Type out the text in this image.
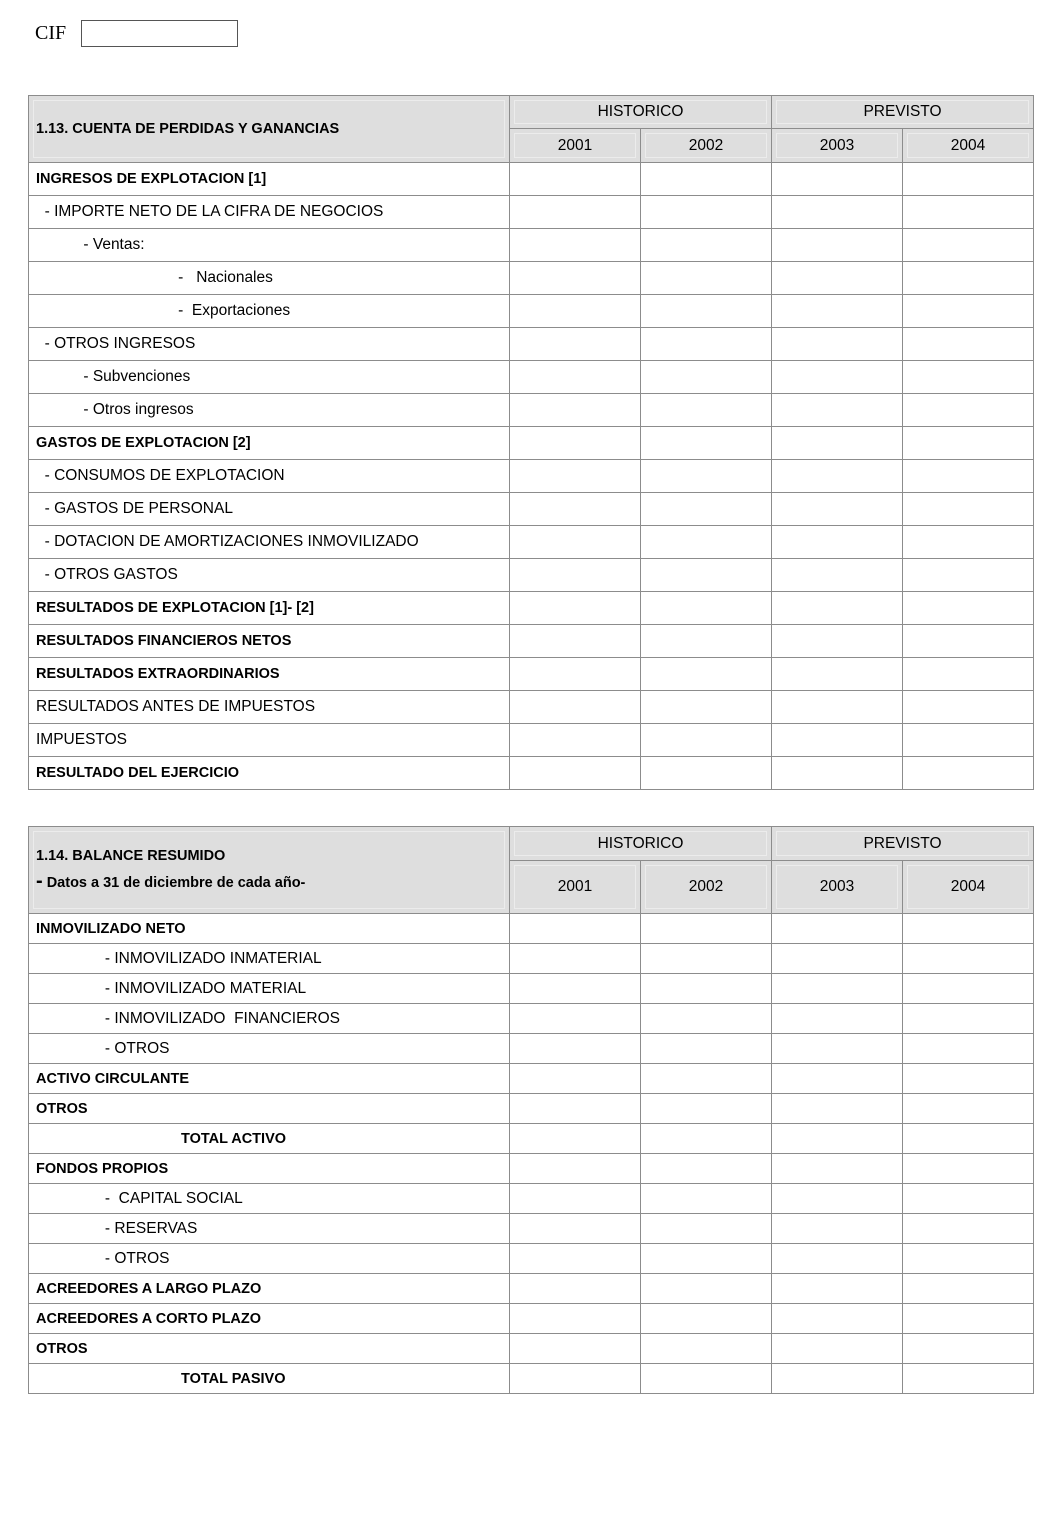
CIF
1.13. CUENTA DE PERDIDAS Y GANANCIAS	HISTORICO		PREVISTO	

	2001	2002	2003	2004

INGRESOS DE EXPLOTACION [1]				
- IMPORTE NETO DE LA CIFRA DE NEGOCIOS				
- Ventas:				
-   Nacionales				
-  Exportaciones				
- OTROS INGRESOS				
- Subvenciones				
- Otros ingresos				
GASTOS DE EXPLOTACION [2]				
- CONSUMOS DE EXPLOTACION				
- GASTOS DE PERSONAL				
- DOTACION DE AMORTIZACIONES INMOVILIZADO				
- OTROS GASTOS				
RESULTADOS DE EXPLOTACION [1]- [2]				
RESULTADOS FINANCIEROS NETOS				
RESULTADOS EXTRAORDINARIOS				
RESULTADOS ANTES DE IMPUESTOS				
IMPUESTOS				
RESULTADO DEL EJERCICIO				
1.14. BALANCE RESUMIDO
- Datos a 31 de diciembre de cada año-	HISTORICO		PREVISTO	

	2001	2002	2003	2004

INMOVILIZADO NETO				
- INMOVILIZADO INMATERIAL				
- INMOVILIZADO MATERIAL				
- INMOVILIZADO  FINANCIEROS				
- OTROS				
ACTIVO CIRCULANTE				
OTROS				
TOTAL ACTIVO				
FONDOS PROPIOS				
-  CAPITAL SOCIAL				
- RESERVAS				
- OTROS				
ACREEDORES A LARGO PLAZO				
ACREEDORES A CORTO PLAZO				
OTROS				
TOTAL PASIVO				
